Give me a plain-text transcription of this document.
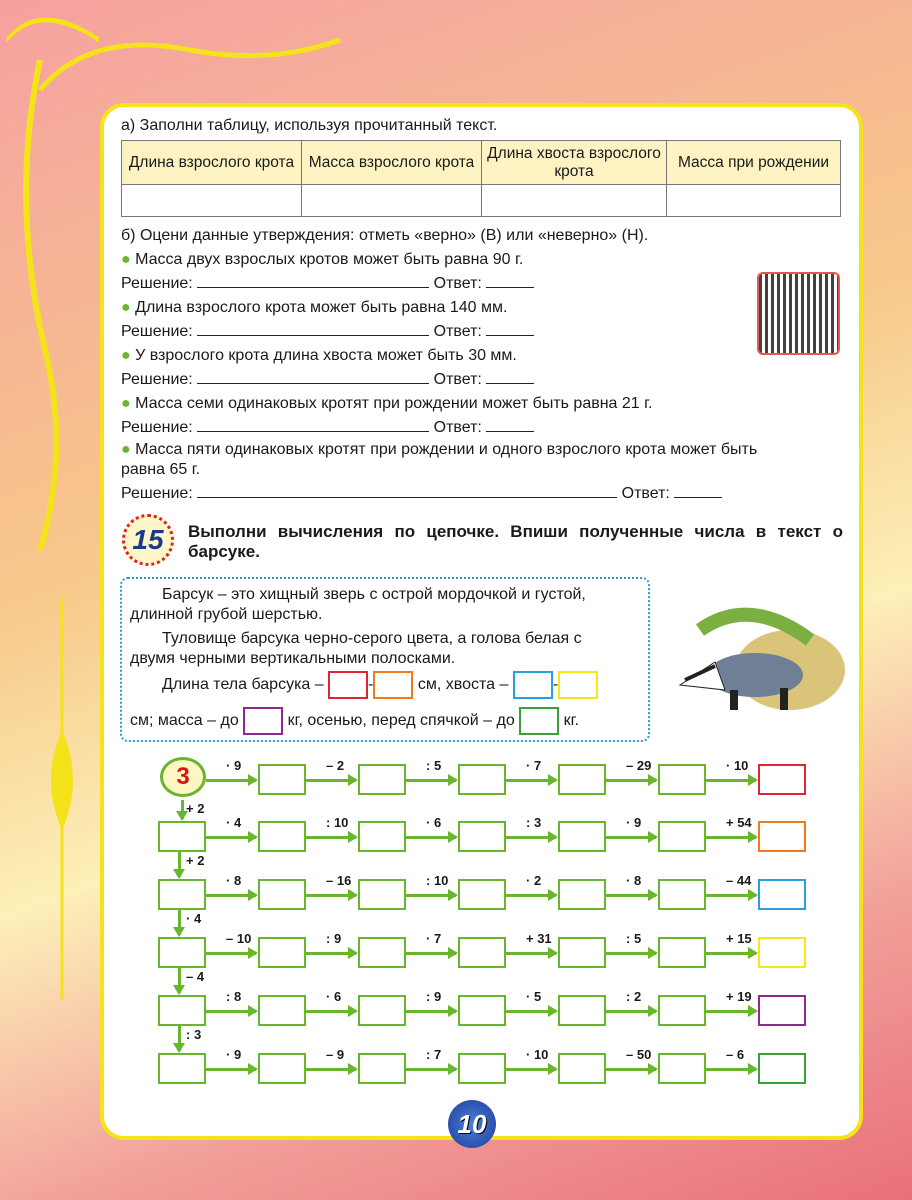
а) Заполни таблицу, используя прочитанный текст.
Длина взрослого крота	Масса взрослого крота	Длина хвоста взрослого крота	Масса при рождении

б) Оцени данные утверждения: отметь «верно» (В) или «неверно» (Н).
● Масса двух взрослых кротов может быть равна 90 г.
Решение:	Ответ:
● Длина взрослого крота может быть равна 140 мм.
Решение:	Ответ:
● У взрослого крота длина хвоста может быть 30 мм.
Решение:	Ответ:
● Масса семи одинаковых кротят при рождении может быть равна 21 г.
Решение:	Ответ:
● Масса пяти одинаковых кротят при рождении и одного взрослого крота может быть
равна 65 г.
Решение:	Ответ:
15	Выполни вычисления по цепочке. Впиши полученные числа в текст о барсуке.

Барсук – это хищный зверь с острой мордочкой и густой,

длинной грубой шерстью.

Туловище барсука черно-серого цвета, а голова белая с

двумя черными вертикальными полосками.

Длина тела барсука –	-	см, хвоста –	-

см; масса – до	кг, осенью, перед спячкой – до	кг.

3	· 9	– 2	: 5	· 7	– 29	· 10
· 4	: 10	· 6	: 3	· 9	+ 54
· 8	– 16	: 10	· 2	· 8	– 44
– 10	: 9	· 7	+ 31	: 5	+ 15
: 8	· 6	: 9	· 5	: 2	+ 19
· 9	– 9	: 7	· 10	– 50	– 6
+ 2
+ 2
· 4
– 4
: 3
10
